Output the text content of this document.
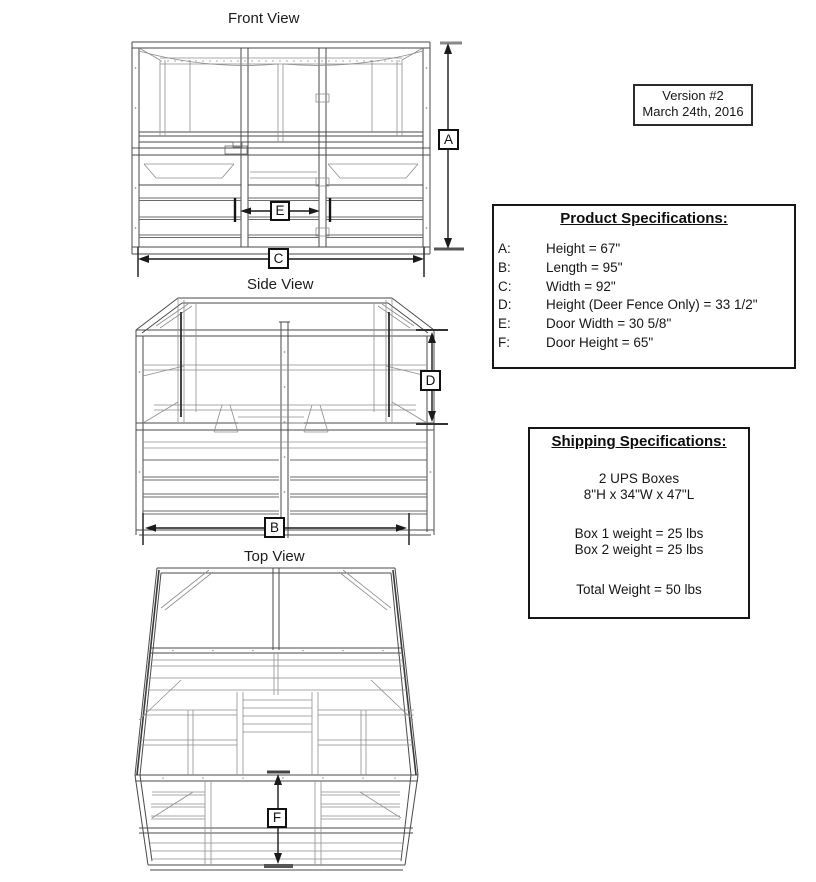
Front View
Side View
Top View
A
C
E
Version #2
March 24th, 2016
Product Specifications:
A:	Height = 67"
B:	Length = 95"
C:	Width = 92"
D:	Height (Deer Fence Only) = 33 1/2"
E:	Door Width = 30 5/8"
F:	Door Height = 65"
D
B
Shipping Specifications:
2 UPS Boxes
8"H x 34"W x 47"L
Box 1 weight = 25 lbs
Box 2 weight = 25 lbs
Total Weight = 50 lbs
F
